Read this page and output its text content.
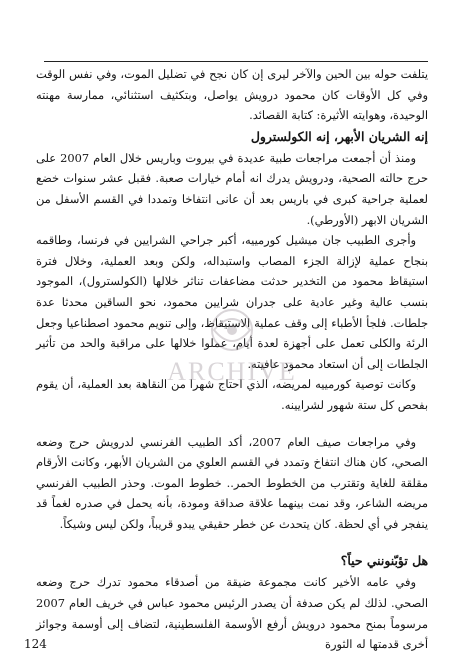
يتلفت حوله بين الحين والآخر ليرى إن كان نجح في تضليل الموت، وفي نفس الوقت وفي كل الأوقات كان محمود درويش يواصل، وبتكثيف استثنائي، ممارسة مهنته الوحيدة، وهوايته الأثيرة: كتابة القصائد.

إنه الشريان الأبهر، إنه الكولسترول

ومنذ أن أجمعت مراجعات طبية عديدة في بيروت وباريس خلال العام 2007 على حرج حالته الصحية، ودرويش يدرك انه أمام خيارات صعبة. فقبل عشر سنوات خضع لعملية جراحية كبرى في باريس بعد أن عانى انتفاخا وتمددا في القسم الأسفل من الشريان الابهر (الأورطي).

وأجرى الطبيب جان ميشيل كورمييه، أكبر جراحي الشرايين في فرنسا، وطاقمه بنجاح عملية لإزالة الجزء المصاب واستبداله، ولكن وبعد العملية، وخلال فترة استيقاظ محمود من التخدير حدثت مضاعفات تناثر خلالها (الكولسترول)، الموجود بنسب عالية وغير عادية على جدران شرايين محمود، نحو الساقين محدثا عدة جلطات. فلجأ الأطباء إلى وقف عملية الاستيقاظ، وإلى تنويم محمود اصطناعيا وجعل الرئة والكلى تعمل على أجهزة لعدة أيام، عملوا خلالها على مراقبة والحد من تأثير الجلطات إلى أن استعاد محمود عافيته.

وكانت توصية كورمييه لمريضه، الذي احتاج شهرا من النقاهة بعد العملية، أن يقوم بفحص كل ستة شهور لشرايينه.

وفي مراجعات صيف العام 2007، أكد الطبيب الفرنسي لدرويش حرج وضعه الصحي، كان هناك انتفاخ وتمدد في القسم العلوي من الشريان الأبهر، وكانت الأرقام مقلقة للغاية وتقترب من الخطوط الحمر.. خطوط الموت. وحذر الطبيب الفرنسي مريضه الشاعر، وقد نمت بينهما علاقة صداقة ومودة، بأنه يحمل في صدره لغماً قد ينفجر في أي لحظة. كان يتحدث عن خطر حقيقي يبدو قريباً، ولكن ليس وشيكاً.

هل تؤبّنونني حياً؟

وفي عامه الأخير كانت مجموعة ضيقة من أصدقاء محمود تدرك حرج وضعه الصحي. لذلك لم يكن صدفة أن يصدر الرئيس محمود عباس في خريف العام 2007 مرسوماً بمنح محمود درويش أرفع الأوسمة الفلسطينية، لتضاف إلى أوسمة وجوائز أخرى قدمتها له الثورة

ARCHIVE
124
